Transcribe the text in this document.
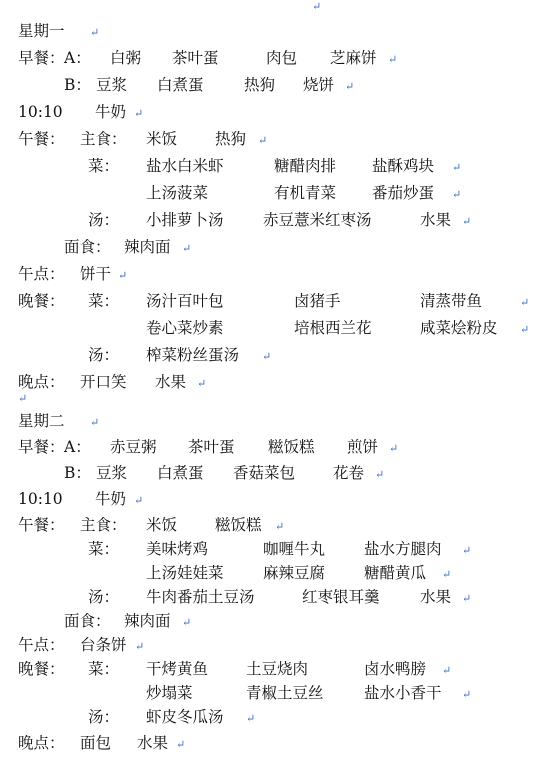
↵
星期一 ↵
早餐： A： 白粥 茶叶蛋	肉包 芝麻饼 ↵
B： 豆浆 白煮蛋	热狗 烧饼 ↵
10:10 牛奶 ↵
午餐： 主食： 米饭 热狗 ↵
菜： 盐水白米虾	糖醋肉排 盐酥鸡块 ↵
上汤菠菜	有机青菜 番茄炒蛋 ↵
汤： 小排萝卜汤	赤豆薏米红枣汤	水果 ↵
面食： 辣肉面 ↵
午点： 饼干 ↵
晚餐： 菜： 汤汁百叶包	卤猪手	清蒸带鱼	↵
卷心菜炒素	培根西兰花	咸菜烩粉皮 ↵
汤： 榨菜粉丝蛋汤 ↵
晚点： 开口笑 水果 ↵
↵
星期二 ↵
早餐： A： 赤豆粥 茶叶蛋 糍饭糕 煎饼 ↵
B： 豆浆 白煮蛋 香菇菜包 花卷 ↵
10:10 牛奶 ↵
午餐： 主食： 米饭 糍饭糕 ↵
菜： 美味烤鸡	咖喱牛丸	盐水方腿肉 ↵
上汤娃娃菜	麻辣豆腐	糖醋黄瓜 ↵
汤： 牛肉番茄土豆汤	红枣银耳羹	水果 ↵
面食： 辣肉面 ↵
午点： 台条饼 ↵
晚餐： 菜： 干烤黄鱼 土豆烧肉	卤水鸭膀 ↵
炒塌菜	青椒土豆丝	盐水小香干 ↵
汤： 虾皮冬瓜汤 ↵
晚点： 面包 水果 ↵
